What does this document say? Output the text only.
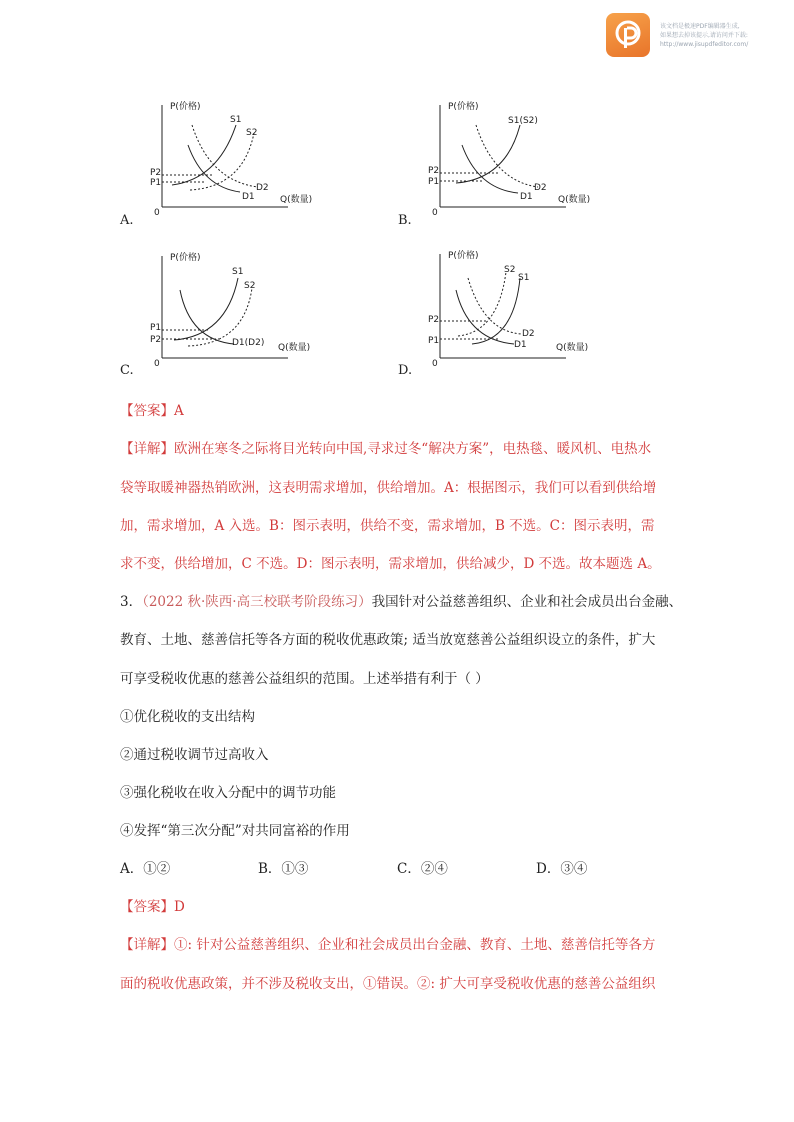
该文档是极速PDF编辑器生成,
如果想去掉该提示,请访问并下载:
http://www.jisupdfeditor.com/
P(价格)
0
Q(数量)
S1
S2
D1
D2
P2
P1
A.
P(价格)
0
Q(数量)
S1(S2)
D1
D2
P2
P1
B.
P(价格)
0
Q(数量)
S1
S2
D1(D2)
P1
P2
C.
P(价格)
0
Q(数量)
S2
S1
D2
D1
P2
P1
D.
【答案】A
【详解】欧洲在寒冬之际将目光转向中国,寻求过冬“解决方案”，电热毯、暖风机、电热水
袋等取暖神器热销欧洲，这表明需求增加，供给增加。A：根据图示，我们可以看到供给增
加，需求增加，A 入选。B：图示表明，供给不变，需求增加，B 不选。C：图示表明，需
求不变，供给增加，C 不选。D：图示表明，需求增加，供给减少，D 不选。故本题选 A。
3．（2022 秋·陕西·高三校联考阶段练习）我国针对公益慈善组织、企业和社会成员出台金融、
教育、土地、慈善信托等各方面的税收优惠政策; 适当放宽慈善公益组织设立的条件，扩大
可享受税收优惠的慈善公益组织的范围。上述举措有利于（ ）
①优化税收的支出结构
②通过税收调节过高收入
③强化税收在收入分配中的调节功能
④发挥“第三次分配”对共同富裕的作用
A．①②	B．①③	C．②④	D．③④
【答案】D
【详解】①: 针对公益慈善组织、企业和社会成员出台金融、教育、土地、慈善信托等各方
面的税收优惠政策，并不涉及税收支出，①错误。②: 扩大可享受税收优惠的慈善公益组织
